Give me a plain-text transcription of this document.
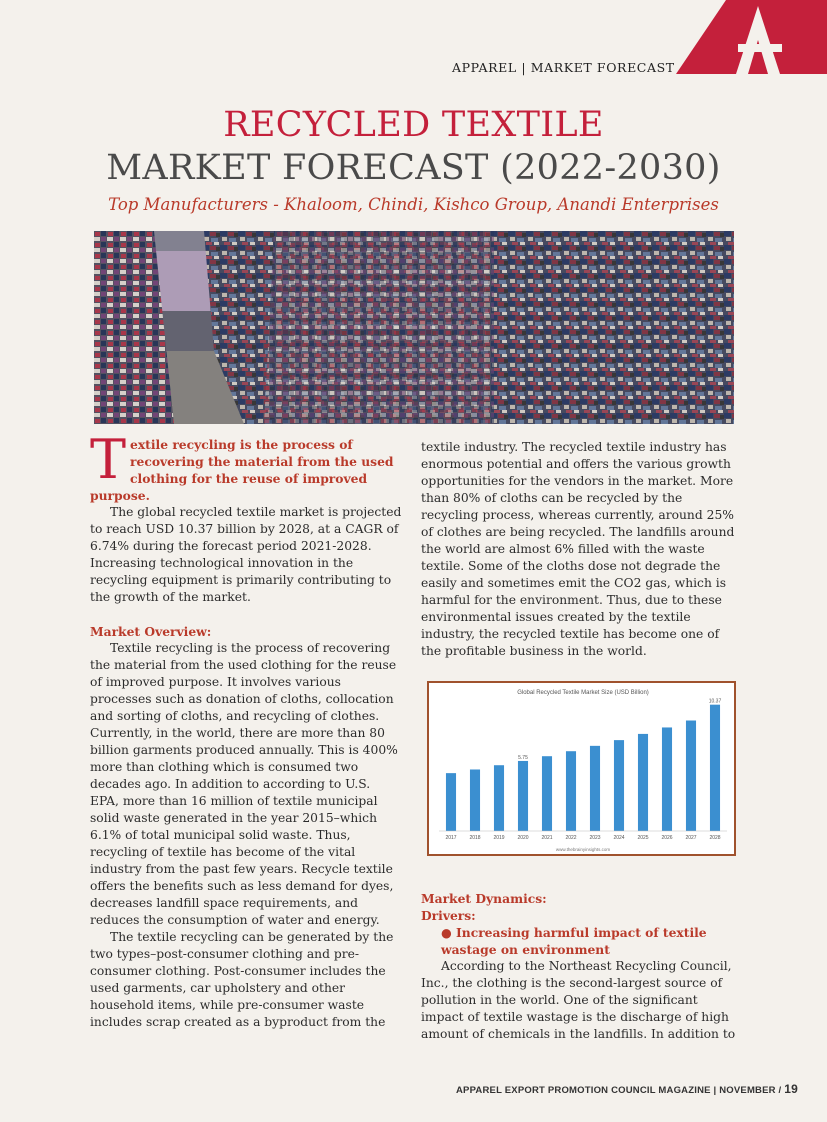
APPAREL | MARKET FORECAST
RECYCLED TEXTILE
MARKET FORECAST (2022-2030)
Top Manufacturers - Khaloom, Chindi, Kishco Group, Anandi Enterprises

Textile recycling is the process of recovering the material from the used clothing for the reuse of improved purpose.

The global recycled textile market is projected to reach USD 10.37 billion by 2028, at a CAGR of 6.74% during the forecast period 2021-2028. Increasing technological innovation in the recycling equipment is primarily contributing to the growth of the market.

Market Overview:

Textile recycling is the process of recovering the material from the used clothing for the reuse of improved purpose. It involves various processes such as donation of cloths, collocation and sorting of cloths, and recycling of clothes. Currently, in the world, there are more than 80 billion garments produced annually. This is 400% more than clothing which is consumed two decades ago. In addition to according to U.S. EPA, more than 16 million of textile municipal solid waste generated in the year 2015–which 6.1% of total municipal solid waste. Thus, recycling of textile has become of the vital industry from the past few years. Recycle textile offers the benefits such as less demand for dyes, decreases landfill space requirements, and reduces the consumption of water and energy.

The textile recycling can be generated by the two types–post-consumer clothing and pre-consumer clothing. Post-consumer includes the used garments, car upholstery and other household items, while pre-consumer waste includes scrap created as a byproduct from the

textile industry. The recycled textile industry has enormous potential and offers the various growth opportunities for the vendors in the market. More than 80% of cloths can be recycled by the recycling process, whereas currently, around 25% of clothes are being recycled. The landfills around the world are almost 6% filled with the waste textile. Some of the cloths dose not degrade the easily and sometimes emit the CO2 gas, which is harmful for the environment. Thus, due to these environmental issues created by the textile industry, the recycled textile has become one of the profitable business in the world.

Global Recycled Textile Market Size (USD Billion)
2017	2018	2019	2020
5.75
2021	2022	2023	2024	2025	2026	2027	2028
10.37
www.thebrainyinsights.com

Market Dynamics:

Drivers:

● Increasing harmful impact of textile wastage on environment

According to the Northeast Recycling Council, Inc., the clothing is the second-largest source of pollution in the world. One of the significant impact of textile wastage is the discharge of high amount of chemicals in the landfills. In addition to

APPAREL EXPORT PROMOTION COUNCIL MAGAZINE | NOVEMBER / 19
